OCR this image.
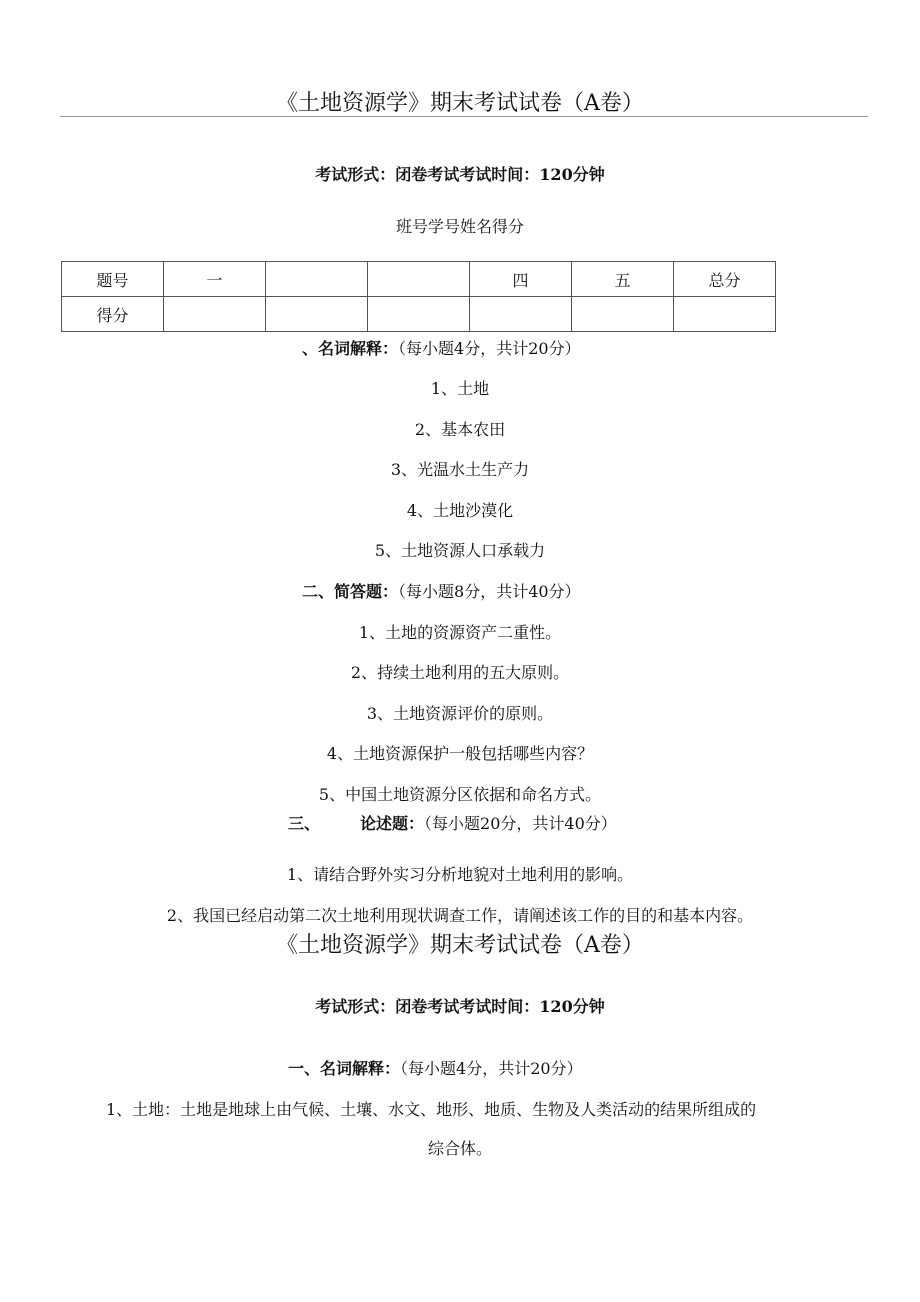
《土地资源学》期末考试试卷（A卷）
考试形式：闭卷考试考试时间：120分钟
班号学号姓名得分
题号	一			四	五	总分
得分						
、名词解释：（每小题4分，共计20分）
1、土地
2、基本农田
3、光温水土生产力
4、土地沙漠化
5、土地资源人口承载力
二、简答题：（每小题8分，共计40分）
1、土地的资源资产二重性。
2、持续土地利用的五大原则。
3、土地资源评价的原则。
4、土地资源保护一般包括哪些内容？
5、中国土地资源分区依据和命名方式。
三、	论述题：（每小题20分，共计40分）
1、请结合野外实习分析地貌对土地利用的影响。
2、我国已经启动第二次土地利用现状调查工作，请阐述该工作的目的和基本内容。
《土地资源学》期末考试试卷（A卷）
考试形式：闭卷考试考试时间：120分钟
一、名词解释：（每小题4分，共计20分）
1、土地：土地是地球上由气候、土壤、水文、地形、地质、生物及人类活动的结果所组成的
综合体。
